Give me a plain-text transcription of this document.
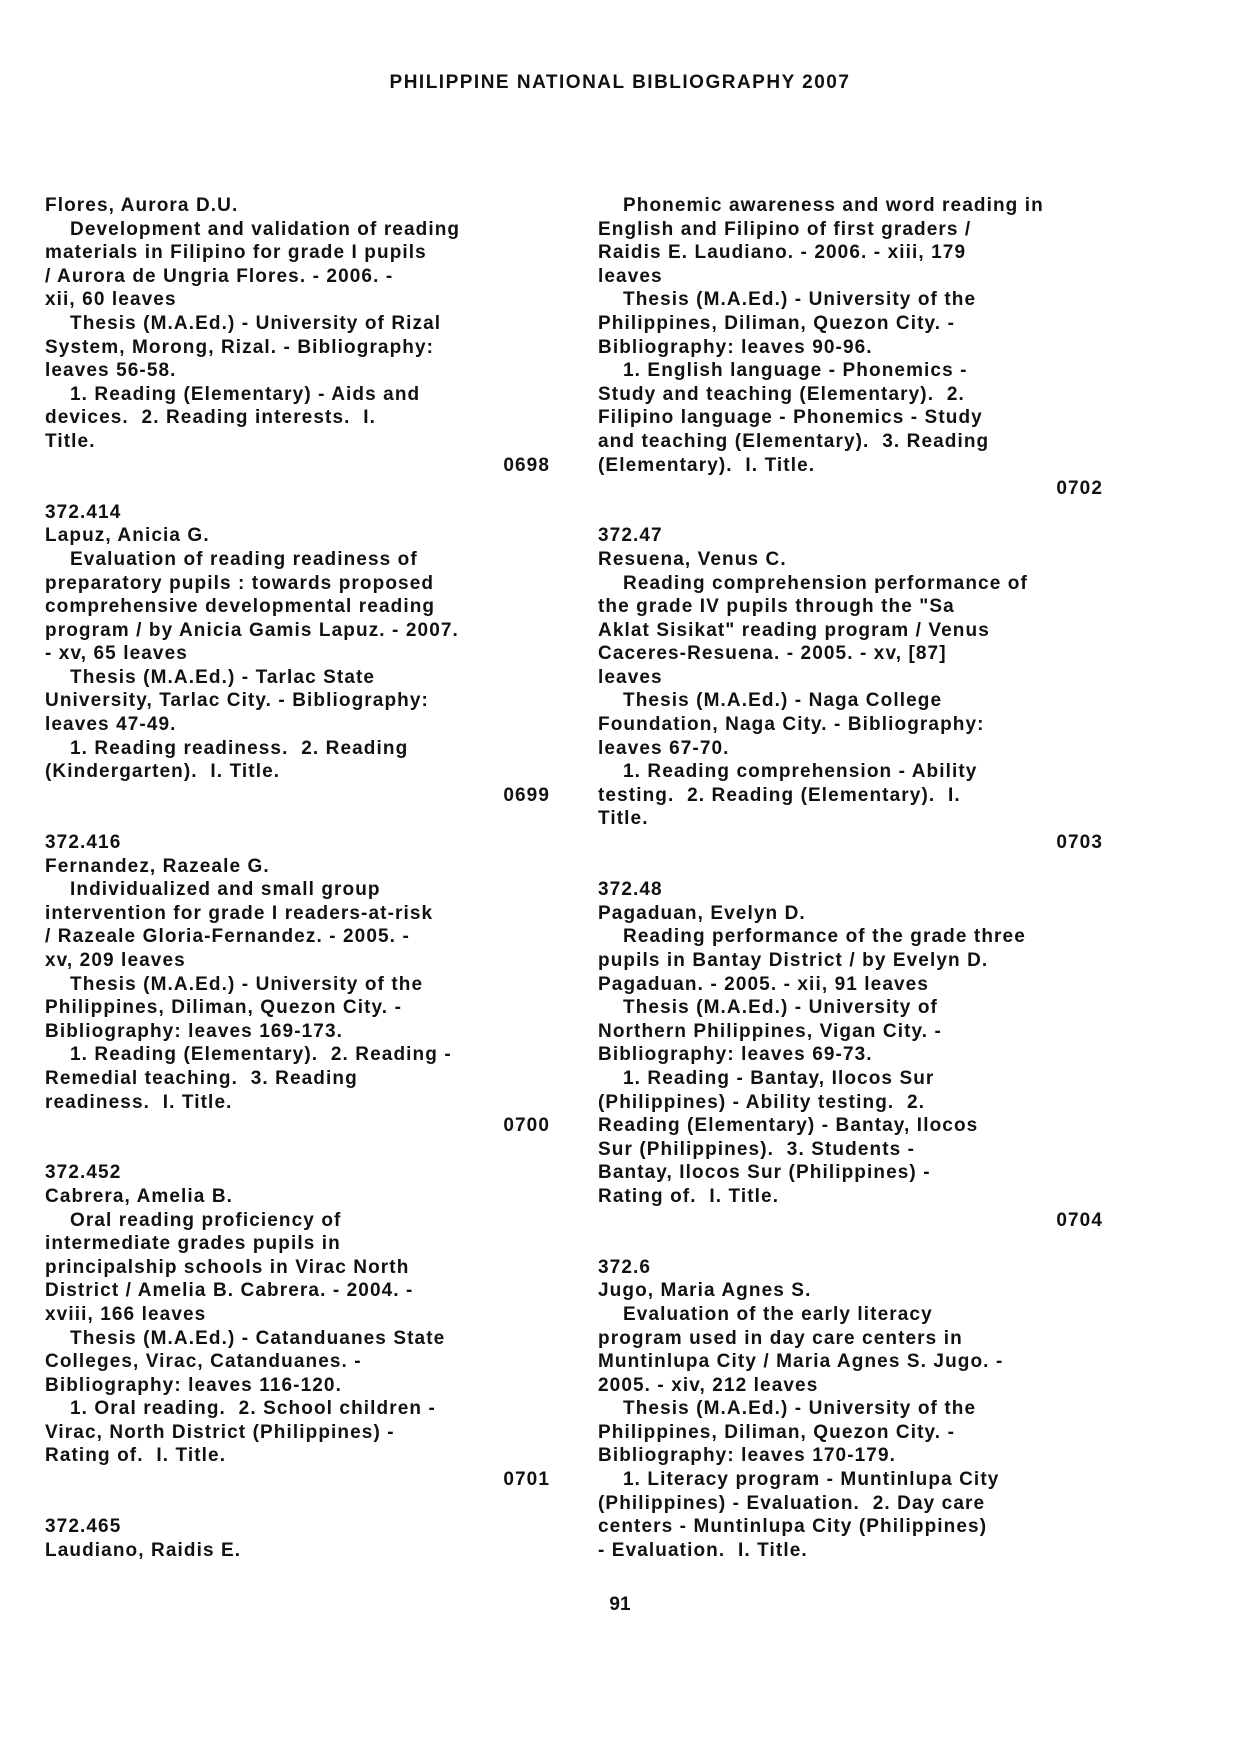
PHILIPPINE NATIONAL BIBLIOGRAPHY 2007
Flores, Aurora D.U.
Development and validation of reading
materials in Filipino for grade I pupils
/ Aurora de Ungria Flores. - 2006. -
xii, 60 leaves
Thesis (M.A.Ed.) - University of Rizal
System, Morong, Rizal. - Bibliography:
leaves 56-58.
1. Reading (Elementary) - Aids and
devices.  2. Reading interests.  I.
Title.
0698
372.414
Lapuz, Anicia G.
Evaluation of reading readiness of
preparatory pupils : towards proposed
comprehensive developmental reading
program / by Anicia Gamis Lapuz. - 2007.
- xv, 65 leaves
Thesis (M.A.Ed.) - Tarlac State
University, Tarlac City. - Bibliography:
leaves 47-49.
1. Reading readiness.  2. Reading
(Kindergarten).  I. Title.
0699
372.416
Fernandez, Razeale G.
Individualized and small group
intervention for grade I readers-at-risk
/ Razeale Gloria-Fernandez. - 2005. -
xv, 209 leaves
Thesis (M.A.Ed.) - University of the
Philippines, Diliman, Quezon City. -
Bibliography: leaves 169-173.
1. Reading (Elementary).  2. Reading -
Remedial teaching.  3. Reading
readiness.  I. Title.
0700
372.452
Cabrera, Amelia B.
Oral reading proficiency of
intermediate grades pupils in
principalship schools in Virac North
District / Amelia B. Cabrera. - 2004. -
xviii, 166 leaves
Thesis (M.A.Ed.) - Catanduanes State
Colleges, Virac, Catanduanes. -
Bibliography: leaves 116-120.
1. Oral reading.  2. School children -
Virac, North District (Philippines) -
Rating of.  I. Title.
0701
372.465
Laudiano, Raidis E.
Phonemic awareness and word reading in
English and Filipino of first graders /
Raidis E. Laudiano. - 2006. - xiii, 179
leaves
Thesis (M.A.Ed.) - University of the
Philippines, Diliman, Quezon City. -
Bibliography: leaves 90-96.
1. English language - Phonemics -
Study and teaching (Elementary).  2.
Filipino language - Phonemics - Study
and teaching (Elementary).  3. Reading
(Elementary).  I. Title.
0702
372.47
Resuena, Venus C.
Reading comprehension performance of
the grade IV pupils through the "Sa
Aklat Sisikat" reading program / Venus
Caceres-Resuena. - 2005. - xv, [87]
leaves
Thesis (M.A.Ed.) - Naga College
Foundation, Naga City. - Bibliography:
leaves 67-70.
1. Reading comprehension - Ability
testing.  2. Reading (Elementary).  I.
Title.
0703
372.48
Pagaduan, Evelyn D.
Reading performance of the grade three
pupils in Bantay District / by Evelyn D.
Pagaduan. - 2005. - xii, 91 leaves
Thesis (M.A.Ed.) - University of
Northern Philippines, Vigan City. -
Bibliography: leaves 69-73.
1. Reading - Bantay, Ilocos Sur
(Philippines) - Ability testing.  2.
Reading (Elementary) - Bantay, Ilocos
Sur (Philippines).  3. Students -
Bantay, Ilocos Sur (Philippines) -
Rating of.  I. Title.
0704
372.6
Jugo, Maria Agnes S.
Evaluation of the early literacy
program used in day care centers in
Muntinlupa City / Maria Agnes S. Jugo. -
2005. - xiv, 212 leaves
Thesis (M.A.Ed.) - University of the
Philippines, Diliman, Quezon City. -
Bibliography: leaves 170-179.
1. Literacy program - Muntinlupa City
(Philippines) - Evaluation.  2. Day care
centers - Muntinlupa City (Philippines)
- Evaluation.  I. Title.
91
